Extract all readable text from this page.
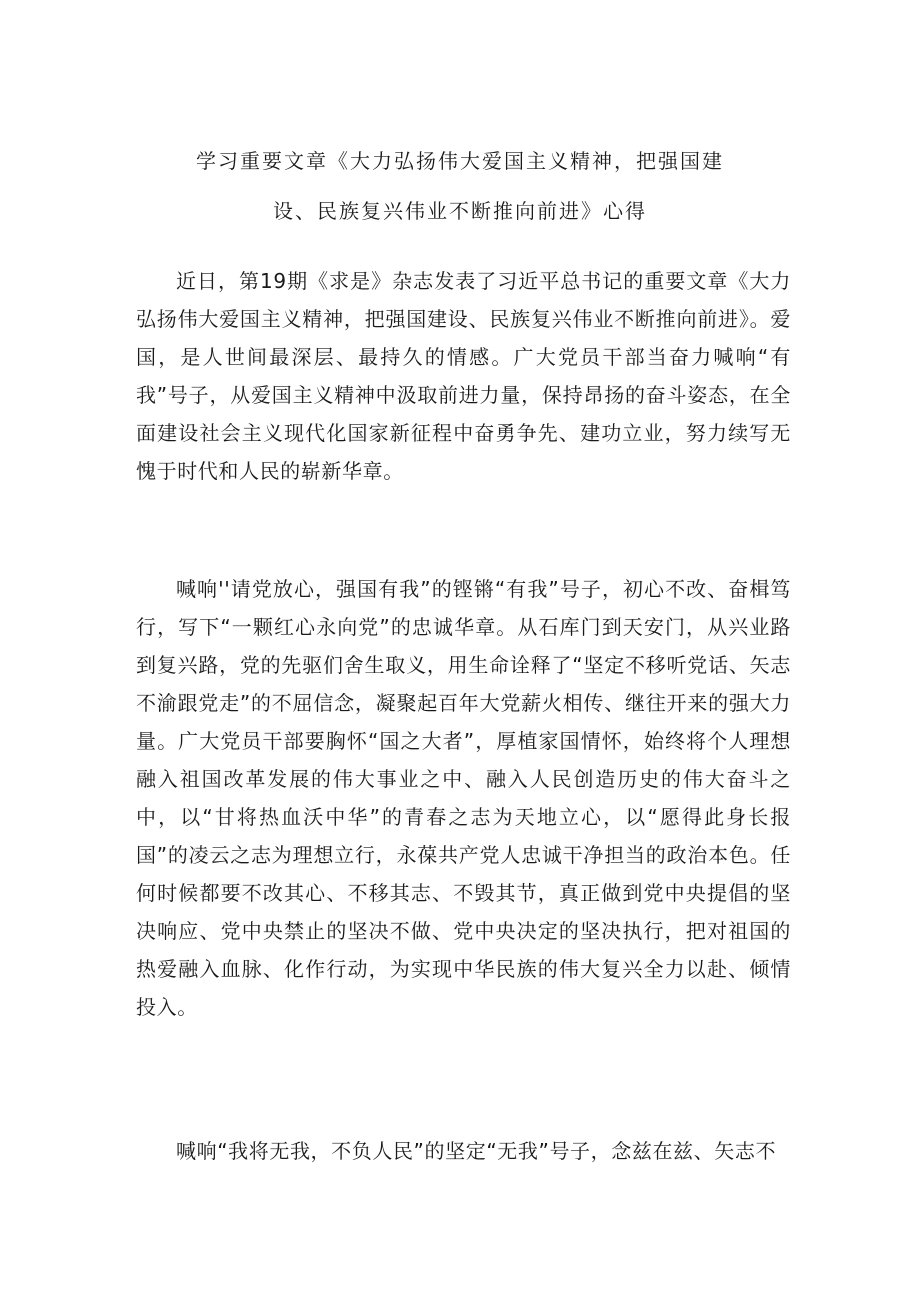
学习重要文章《大力弘扬伟大爱国主义精神，把强国建
设、民族复兴伟业不断推向前进》心得

近日，第19期《求是》杂志发表了习近平总书记的重要文章《大力弘扬伟大爱国主义精神，把强国建设、民族复兴伟业不断推向前进》。爱国，是人世间最深层、最持久的情感。广大党员干部当奋力喊响“有我”号子，从爱国主义精神中汲取前进力量，保持昂扬的奋斗姿态，在全面建设社会主义现代化国家新征程中奋勇争先、建功立业，努力续写无愧于时代和人民的崭新华章。

喊响''请党放心，强国有我”的铿锵“有我”号子，初心不改、奋楫笃行，写下“一颗红心永向党”的忠诚华章。从石库门到天安门，从兴业路到复兴路，党的先驱们舍生取义，用生命诠释了“坚定不移听党话、矢志不渝跟党走”的不屈信念，凝聚起百年大党薪火相传、继往开来的强大力量。广大党员干部要胸怀“国之大者”，厚植家国情怀，始终将个人理想融入祖国改革发展的伟大事业之中、融入人民创造历史的伟大奋斗之中，以“甘将热血沃中华”的青春之志为天地立心，以“愿得此身长报国”的凌云之志为理想立行，永葆共产党人忠诚干净担当的政治本色。任何时候都要不改其心、不移其志、不毁其节，真正做到党中央提倡的坚决响应、党中央禁止的坚决不做、党中央决定的坚决执行，把对祖国的热爱融入血脉、化作行动，为实现中华民族的伟大复兴全力以赴、倾情投入。

喊响“我将无我，不负人民”的坚定“无我”号子，念兹在兹、矢志不
